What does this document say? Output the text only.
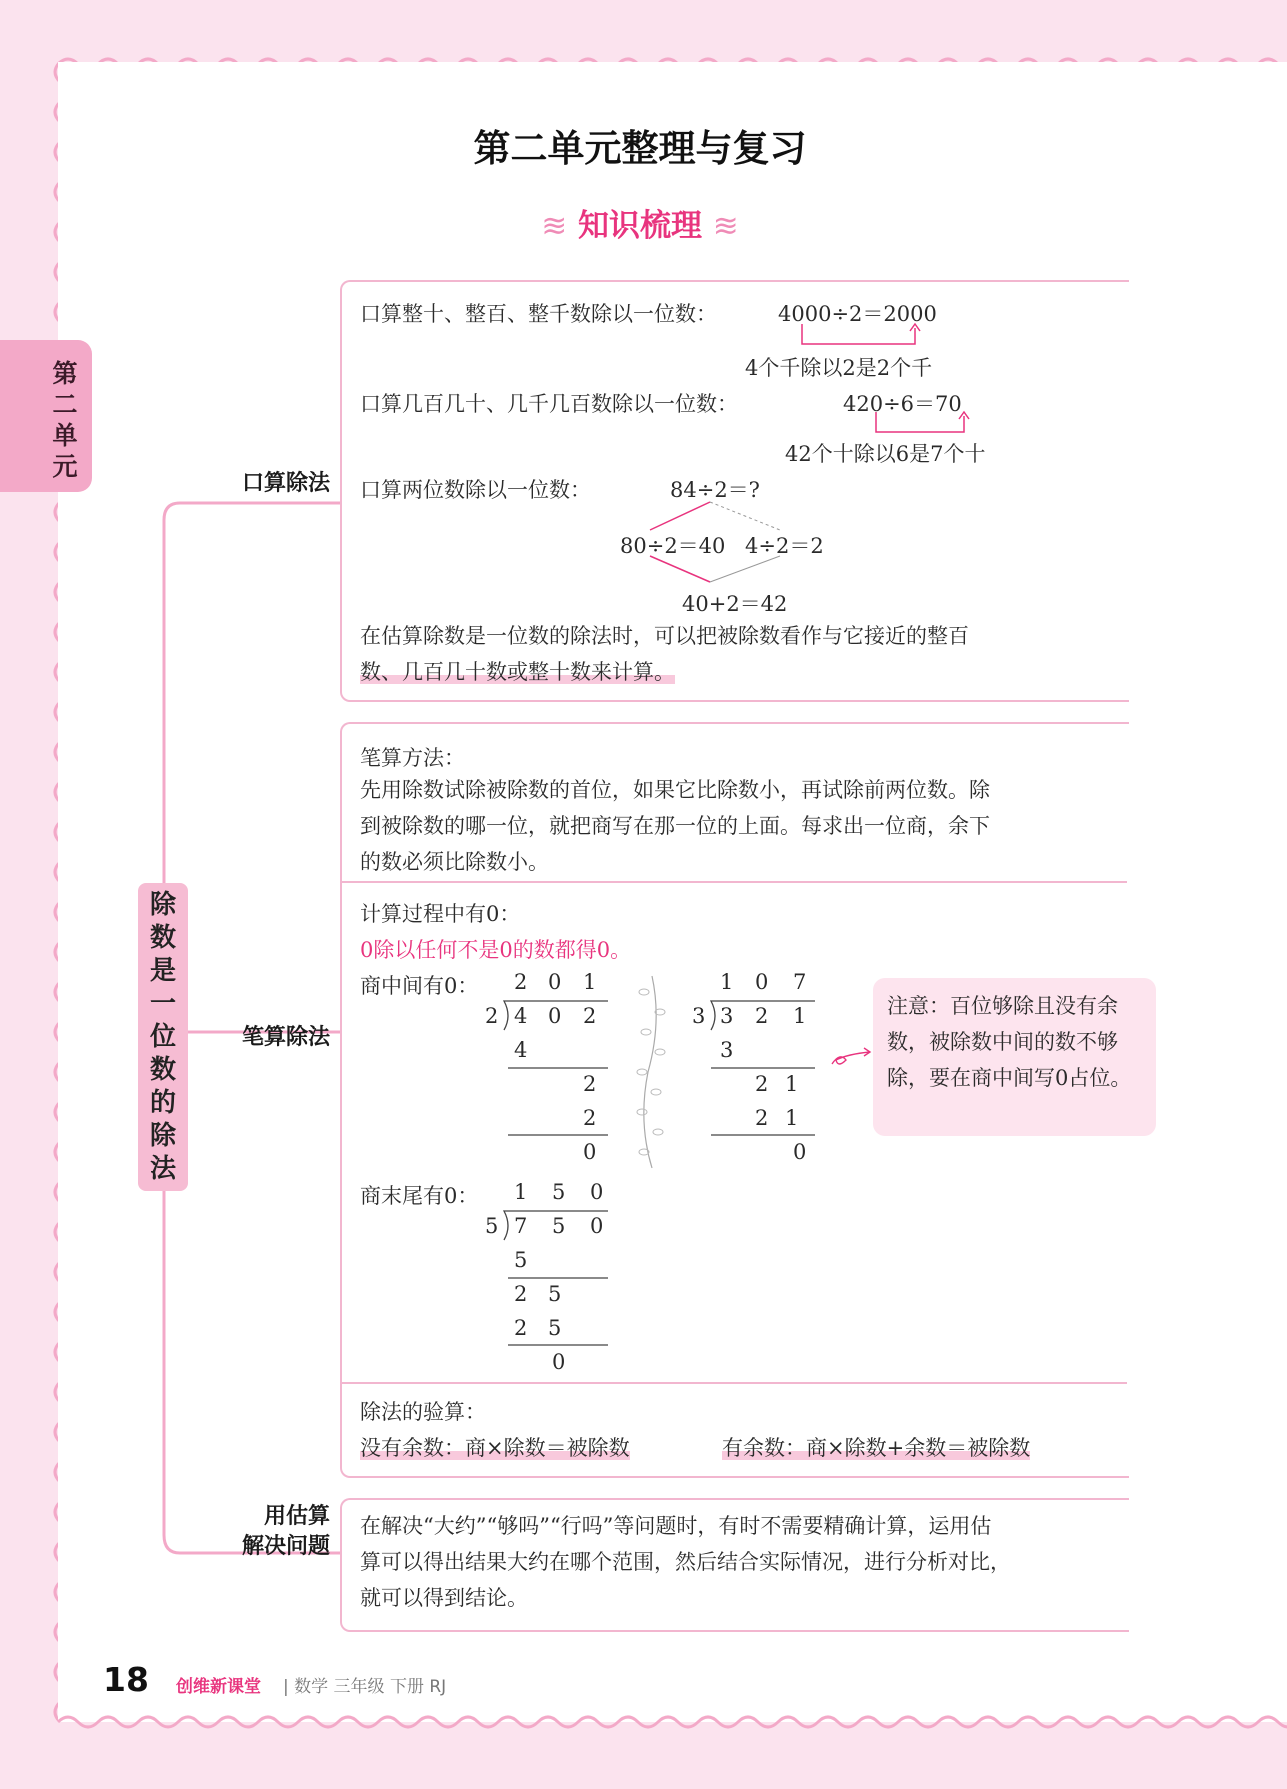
第二单元
第二单元整理与复习
≋ 知识梳理 ≋
除数是一位数的除法
口算除法
笔算除法
用估算
解决问题
口算整十、整百、整千数除以一位数：	4000÷2＝2000
4个千除以2是2个千
口算几百几十、几千几百数除以一位数：	420÷6＝70
42个十除以6是7个十
口算两位数除以一位数：	84÷2＝?
80÷2＝40 4÷2＝2
40+2＝42
在估算除数是一位数的除法时，可以把被除数看作与它接近的整百
数、几百几十数或整十数来计算。
笔算方法：
先用除数试除被除数的首位，如果它比除数小，再试除前两位数。除
到被除数的哪一位，就把商写在那一位的上面。每求出一位商，余下
的数必须比除数小。
计算过程中有0：
0除以任何不是0的数都得0。
商中间有0： 2 0 1
2 4 0 2
4
2
2
0
1 0 7
3 3 2 1
3
2 1
2 1
0
注意：百位够除且没有余数，被除数中间的数不够除，要在商中间写0占位。
商末尾有0： 1 5 0
5 7 5 0
5
2 5
2 5
0
除法的验算：
没有余数：商×除数＝被除数	有余数：商×除数+余数＝被除数
在解决“大约”“够吗”“行吗”等问题时，有时不需要精确计算，运用估
算可以得出结果大约在哪个范围，然后结合实际情况，进行分析对比，
就可以得到结论。
18 创维新课堂 | 数学 三年级 下册 RJ
